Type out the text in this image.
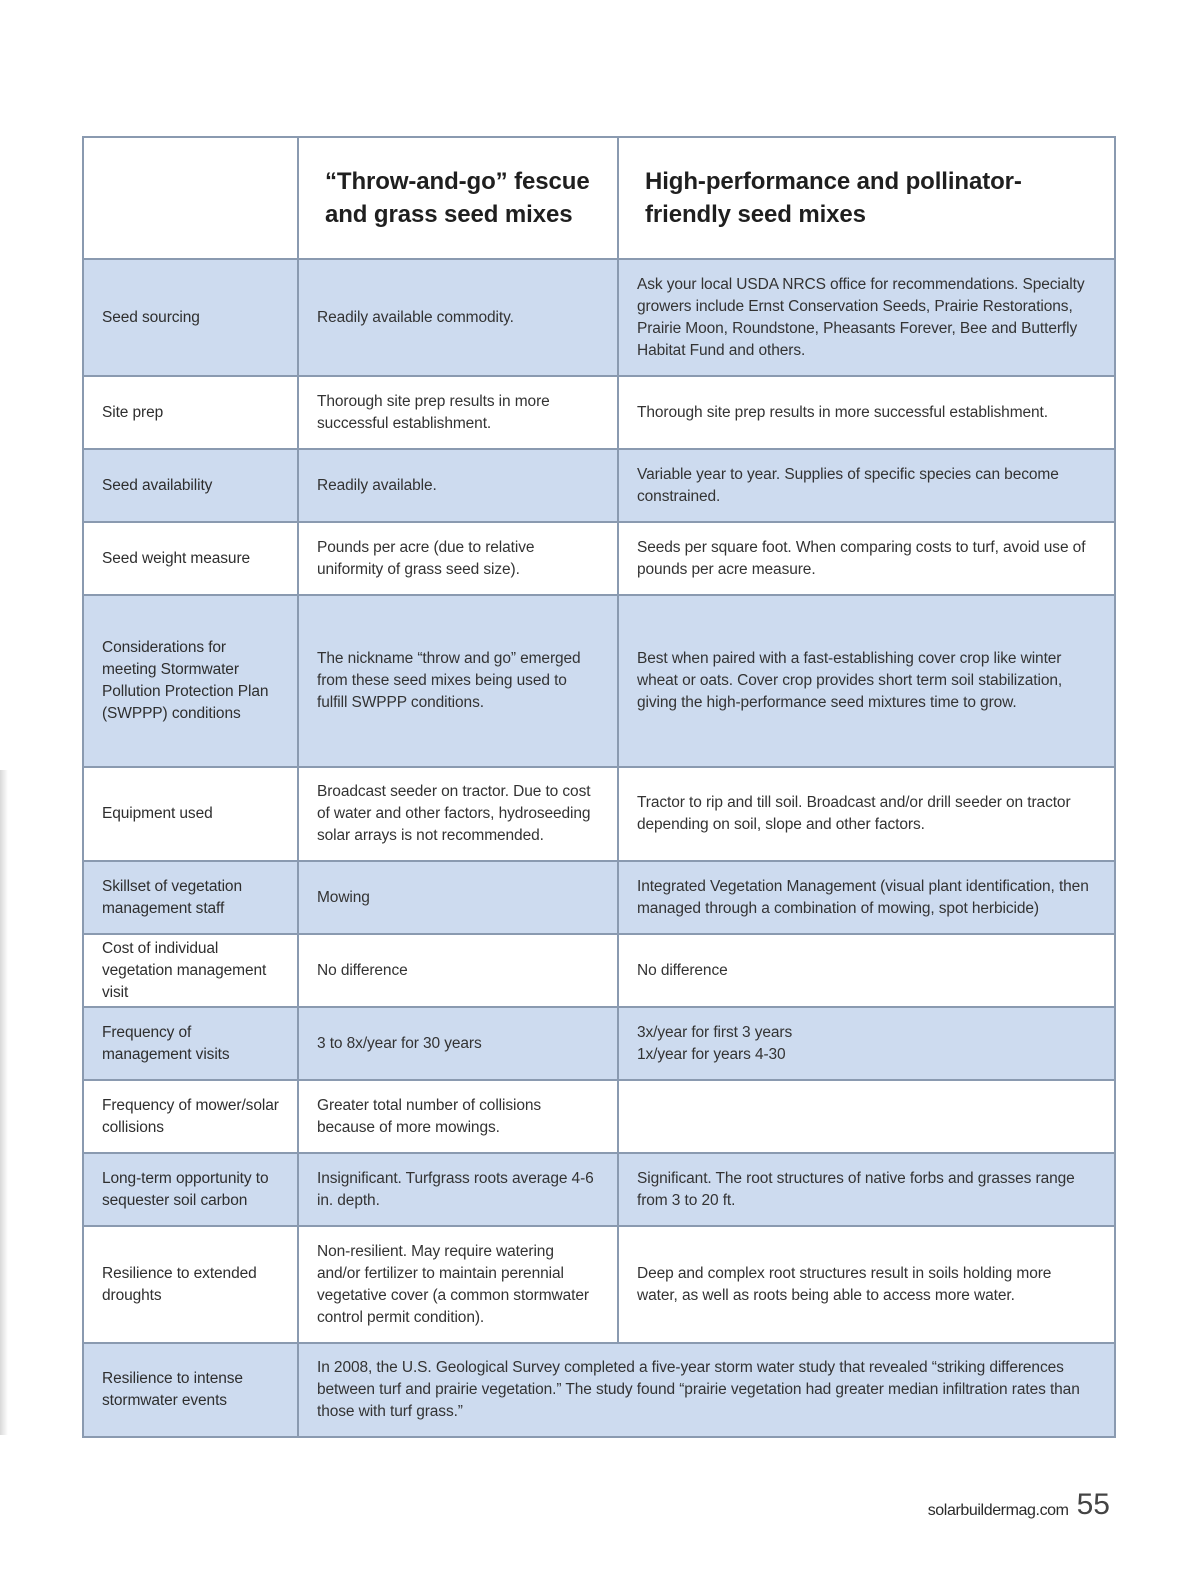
	“Throw-and-go” fescue and grass seed mixes	High-performance and pollinator-friendly seed mixes
Seed sourcing	Readily available commodity.	Ask your local USDA NRCS office for recommendations. Specialty growers include Ernst Conservation Seeds, Prairie Restorations, Prairie Moon, Roundstone, Pheasants Forever, Bee and Butterfly Habitat Fund and others.
Site prep	Thorough site prep results in more successful establishment.	Thorough site prep results in more successful establishment.
Seed availability	Readily available.	Variable year to year. Supplies of specific species can become constrained.
Seed weight measure	Pounds per acre (due to relative uniformity of grass seed size).	Seeds per square foot. When comparing costs to turf, avoid use of pounds per acre measure.
Considerations for meeting Stormwater Pollution Protection Plan (SWPPP) conditions	The nickname “throw and go” emerged from these seed mixes being used to fulfill SWPPP conditions.	Best when paired with a fast-establishing cover crop like winter wheat or oats. Cover crop provides short term soil stabilization, giving the high-performance seed mixtures time to grow.
Equipment used	Broadcast seeder on tractor. Due to cost of water and other factors, hydroseeding solar arrays is not recommended.	Tractor to rip and till soil. Broadcast and/or drill seeder on tractor depending on soil, slope and other factors.
Skillset of vegetation management staff	Mowing	Integrated Vegetation Management (visual plant identification, then managed through a combination of mowing, spot herbicide)
Cost of individual vegetation management visit	No difference	No difference
Frequency of management visits	3 to 8x/year for 30 years	3x/year for first 3 years
1x/year for years 4-30

Frequency of mower/solar collisions	Greater total number of collisions because of more mowings.	
Long-term opportunity to sequester soil carbon	Insignificant. Turfgrass roots average 4-6 in. depth.	Significant. The root structures of native forbs and grasses range from 3 to 20 ft.
Resilience to extended droughts	Non-resilient. May require watering and/or fertilizer to maintain perennial vegetative cover (a common stormwater control permit condition).	Deep and complex root structures result in soils holding more water, as well as roots being able to access more water.
Resilience to intense stormwater events	In 2008, the U.S. Geological Survey completed a five-year storm water study that revealed “striking differences between turf and prairie vegetation.” The study found “prairie vegetation had greater median infiltration rates than those with turf grass.”	
solarbuildermag.com 55
